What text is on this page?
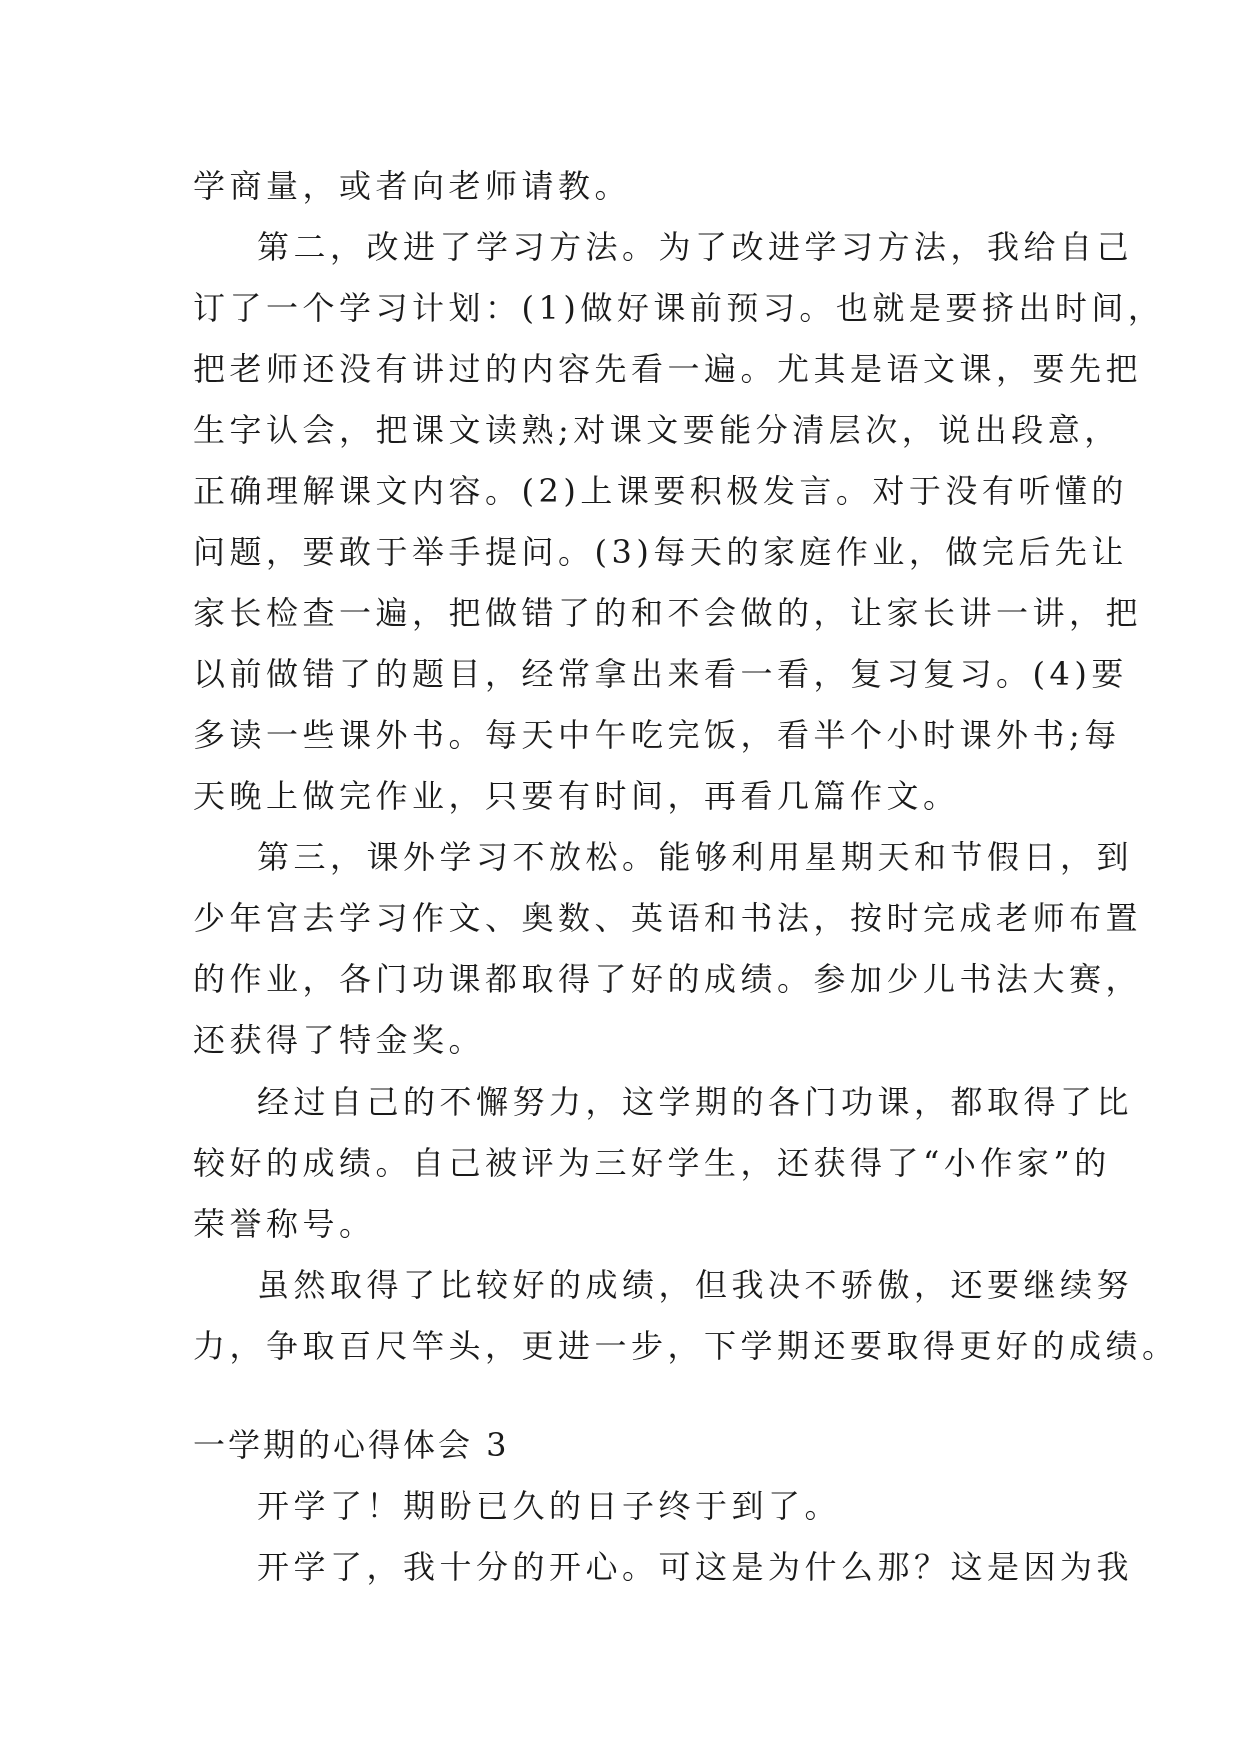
学商量，或者向老师请教。
第二，改进了学习方法。为了改进学习方法，我给自己
订了一个学习计划：(1)做好课前预习。也就是要挤出时间，
把老师还没有讲过的内容先看一遍。尤其是语文课，要先把
生字认会，把课文读熟;对课文要能分清层次，说出段意，
正确理解课文内容。(2)上课要积极发言。对于没有听懂的
问题，要敢于举手提问。(3)每天的家庭作业，做完后先让
家长检查一遍，把做错了的和不会做的，让家长讲一讲，把
以前做错了的题目，经常拿出来看一看，复习复习。(4)要
多读一些课外书。每天中午吃完饭，看半个小时课外书;每
天晚上做完作业，只要有时间，再看几篇作文。
第三，课外学习不放松。能够利用星期天和节假日，到
少年宫去学习作文、奥数、英语和书法，按时完成老师布置
的作业，各门功课都取得了好的成绩。参加少儿书法大赛，
还获得了特金奖。
经过自己的不懈努力，这学期的各门功课，都取得了比
较好的成绩。自己被评为三好学生，还获得了“小作家”的
荣誉称号。
虽然取得了比较好的成绩，但我决不骄傲，还要继续努
力，争取百尺竿头，更进一步，下学期还要取得更好的成绩。
一学期的心得体会 3
开学了！期盼已久的日子终于到了。
开学了，我十分的开心。可这是为什么那？这是因为我
